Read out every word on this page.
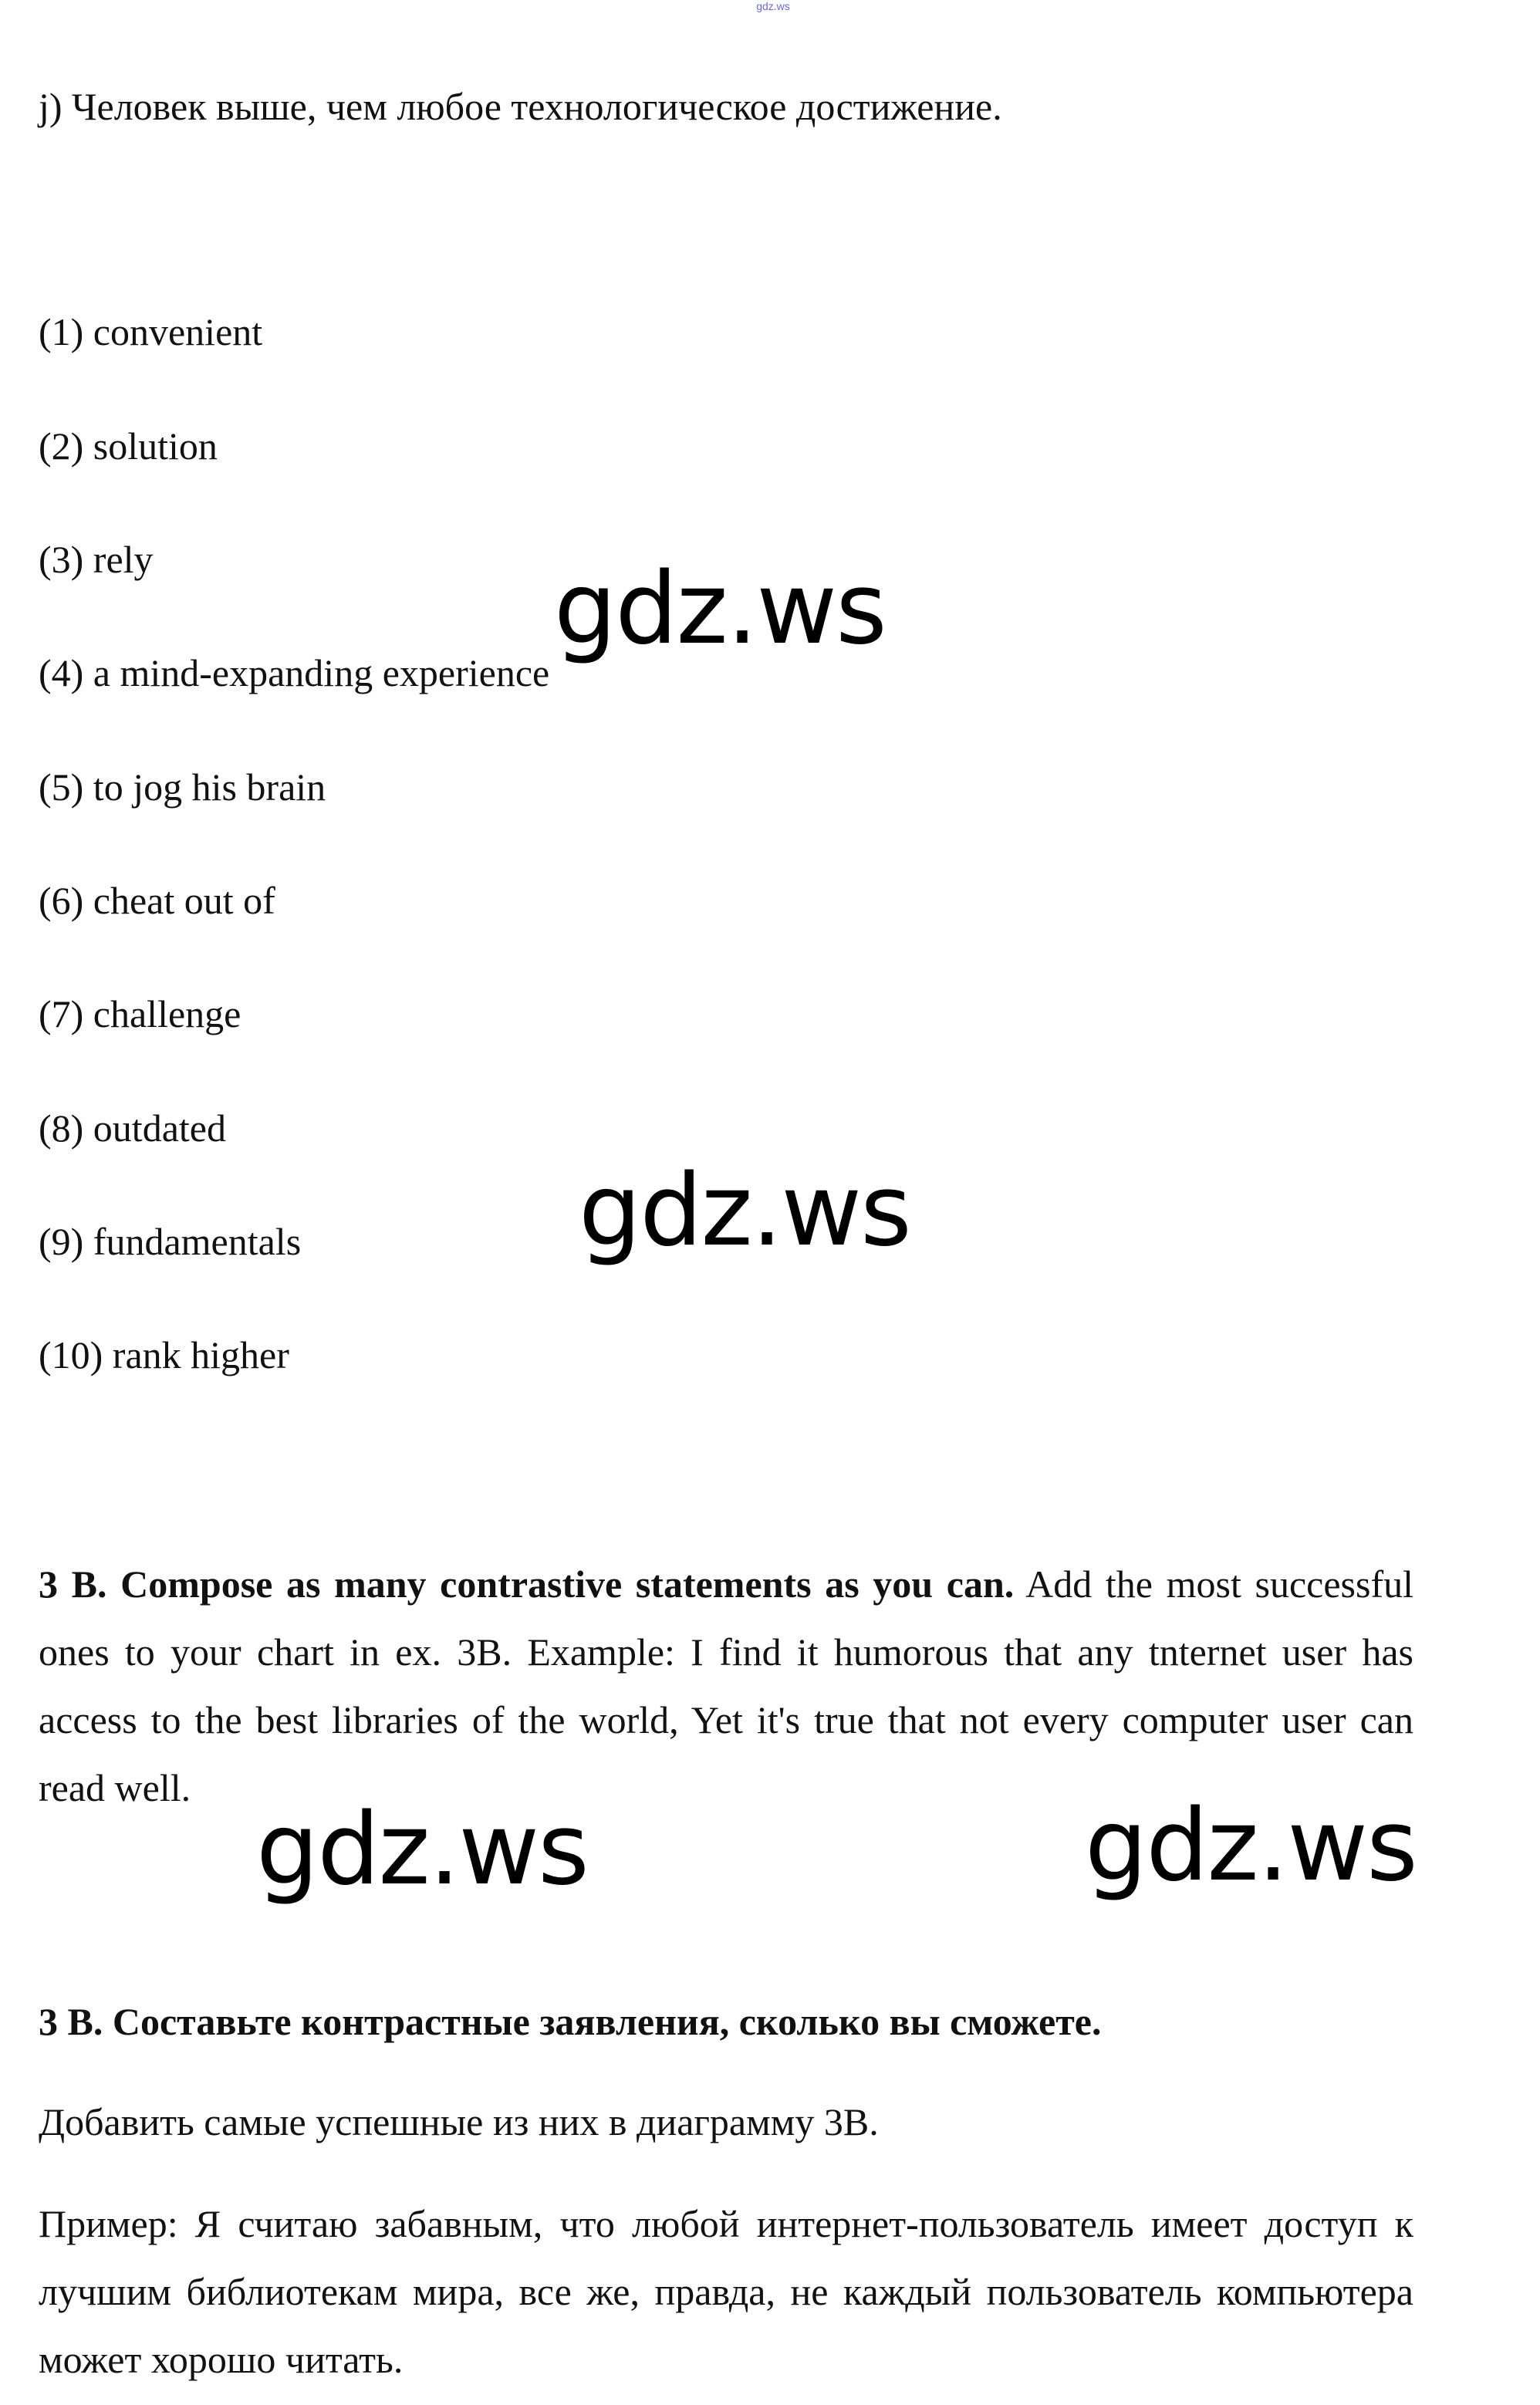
gdz.ws
j) Человек выше, чем любое технологическое достижение.
(1) convenient
(2) solution
(3) rely
(4) a mind-expanding experience
(5) to jog his brain
(6) cheat out of
(7) challenge
(8) outdated
(9) fundamentals
(10) rank higher
3 B. Compose as many contrastive statements as you can. Add the most successful ones to your chart in ex. 3B. Example: I find it humorous that any tnternet user has access to the best libraries of the world, Yet it's true that not every computer user can read well.
3 В. Составьте контрастные заявления, сколько вы сможете.
Добавить самые успешные из них в диаграмму 3В.
Пример: Я считаю забавным, что любой интернет-пользователь имеет доступ к лучшим библиотекам мира, все же, правда, не каждый пользователь компьютера может хорошо читать.
gdz.ws
gdz.ws
gdz.ws	gdz.ws
